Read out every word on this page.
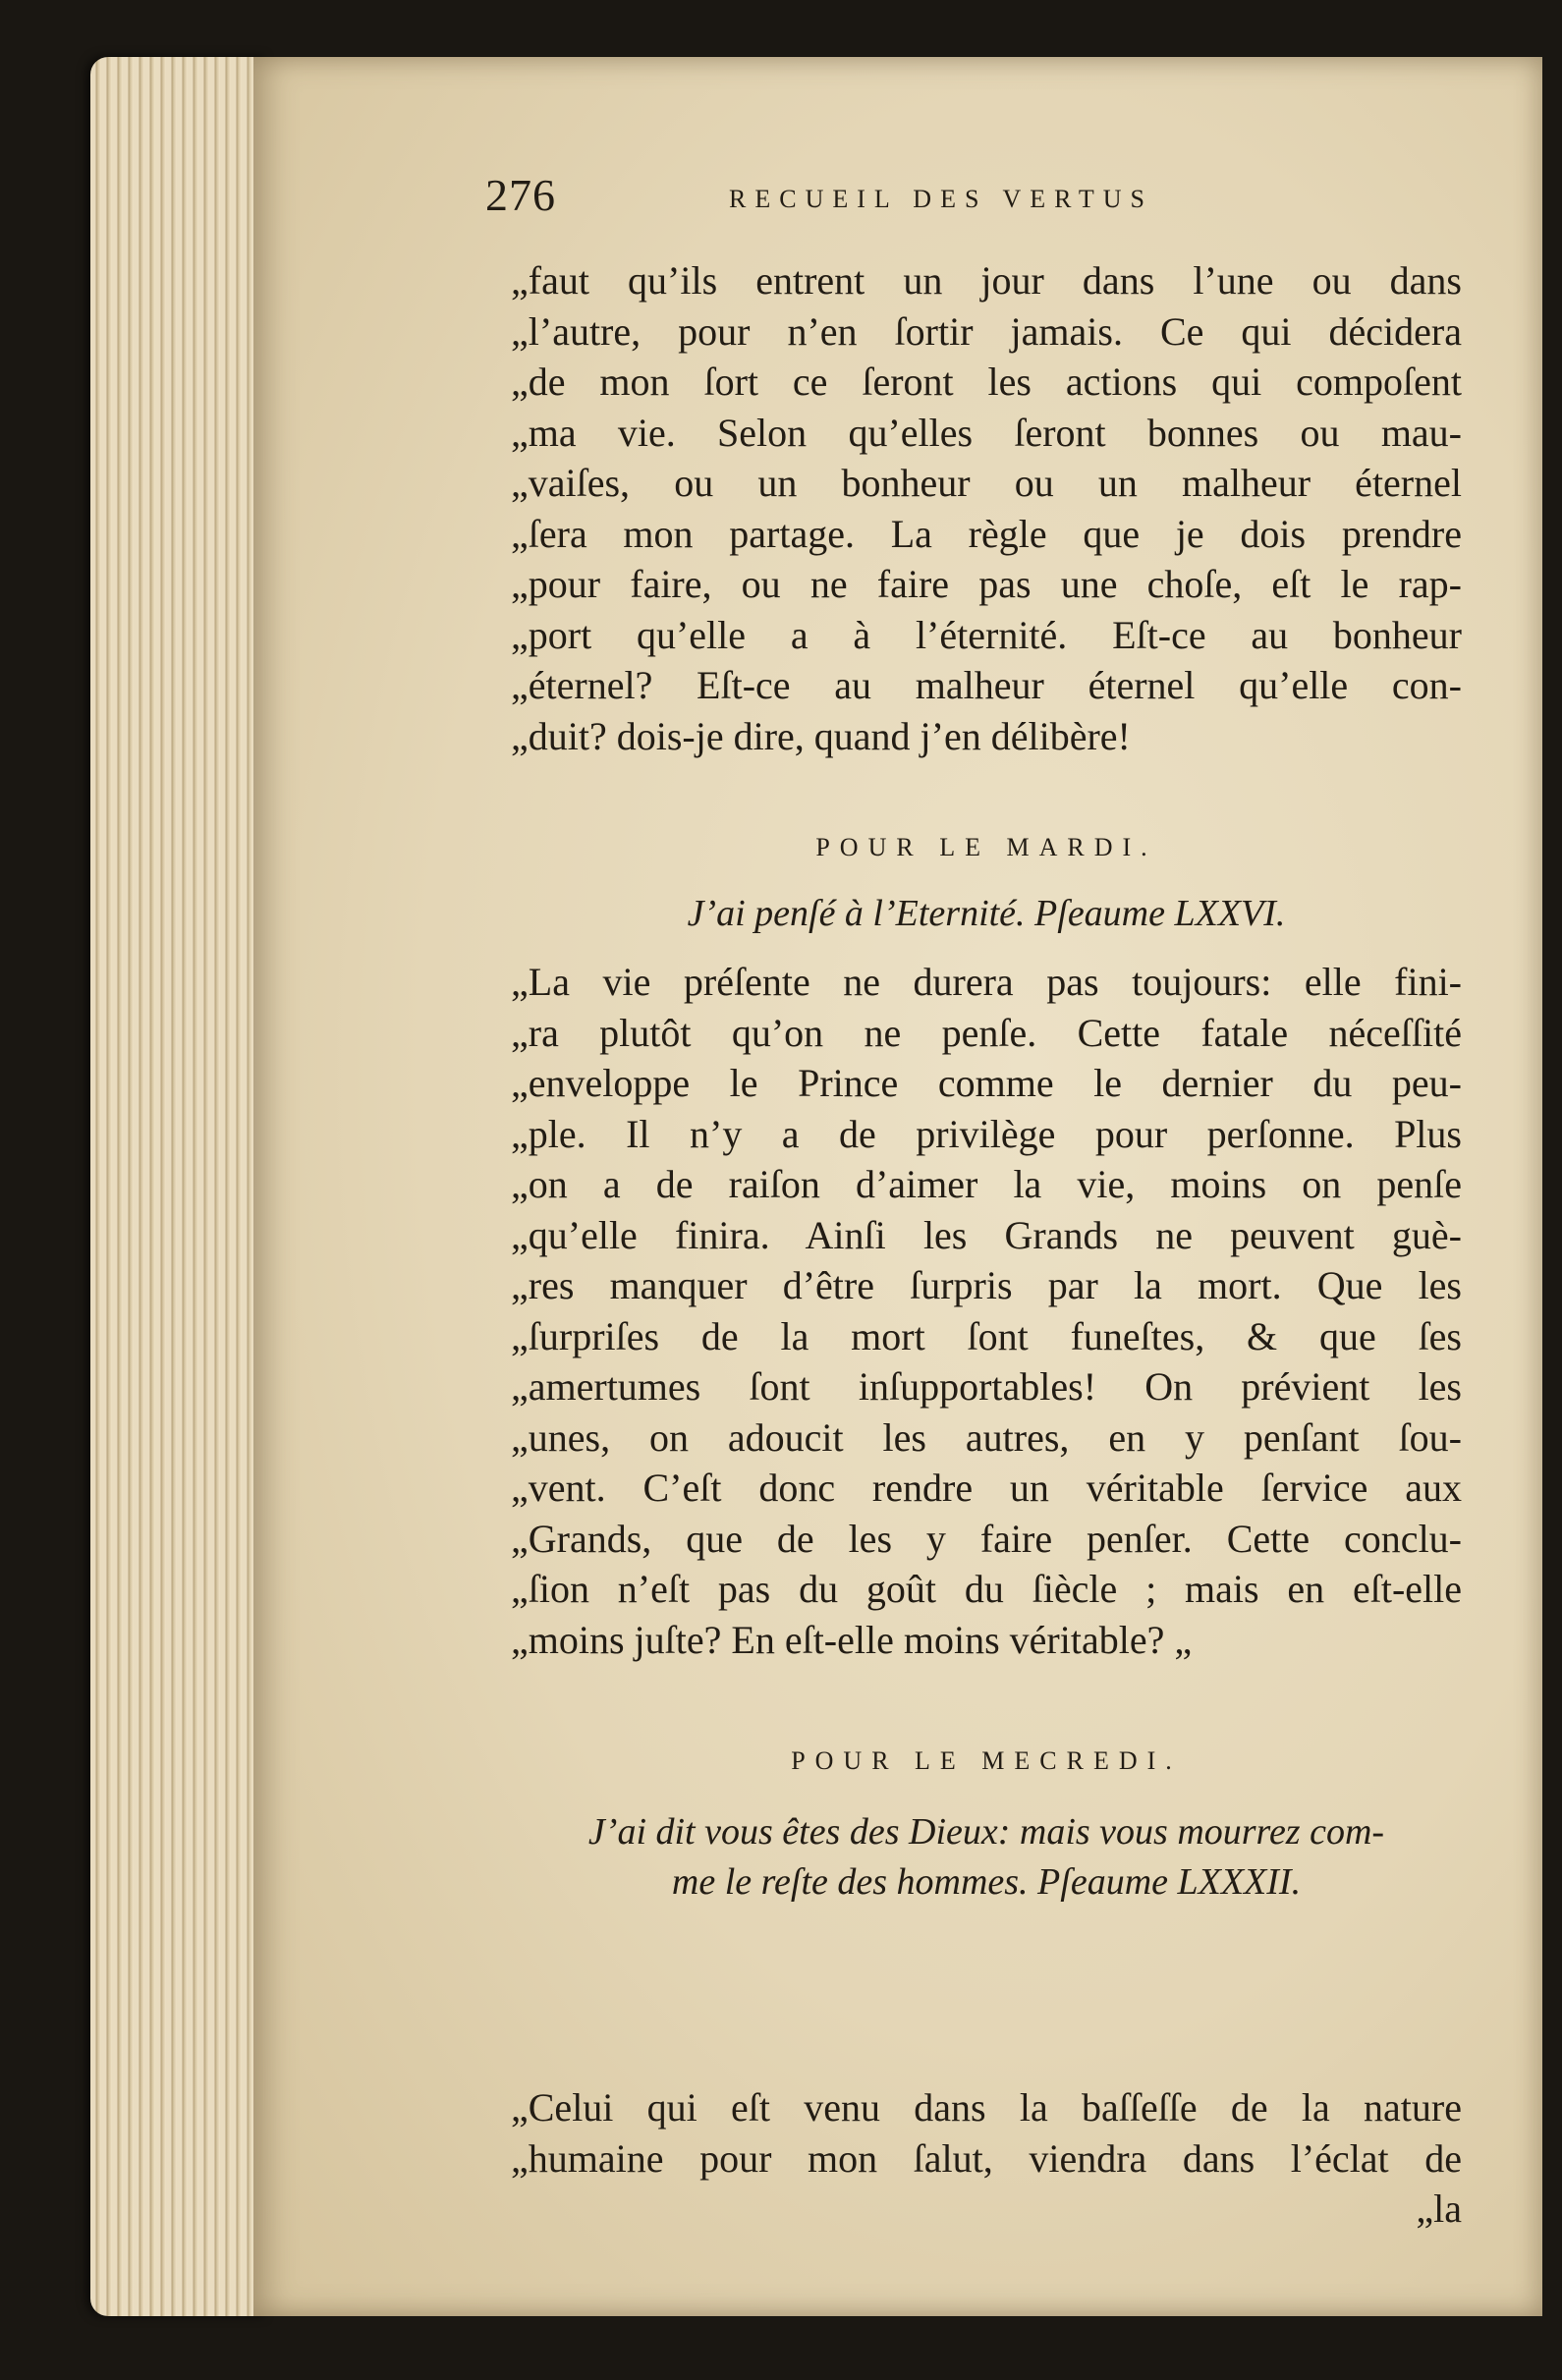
276	RECUEIL DES VERTUS
„faut qu’ils entrent un jour dans l’une ou dans
„l’autre, pour n’en ſortir jamais. Ce qui décidera
„de mon ſort ce ſeront les actions qui compoſent
„ma vie. Selon qu’elles ſeront bonnes ou mau-
„vaiſes, ou un bonheur ou un malheur éternel
„ſera mon partage. La règle que je dois prendre
„pour faire, ou ne faire pas une choſe, eſt le rap-
„port qu’elle a à l’éternité. Eſt-ce au bonheur
„éternel? Eſt-ce au malheur éternel qu’elle con-
„duit? dois-je dire, quand j’en délibère!
POUR LE MARDI.
J’ai penſé à l’Eternité. Pſeaume LXXVI.
„La vie préſente ne durera pas toujours: elle fini-
„ra plutôt qu’on ne penſe. Cette fatale néceſſité
„enveloppe le Prince comme le dernier du peu-
„ple. Il n’y a de privilège pour perſonne. Plus
„on a de raiſon d’aimer la vie, moins on penſe
„qu’elle finira. Ainſi les Grands ne peuvent guè-
„res manquer d’être ſurpris par la mort. Que les
„ſurpriſes de la mort ſont funeſtes, & que ſes
„amertumes ſont inſupportables! On prévient les
„unes, on adoucit les autres, en y penſant ſou-
„vent. C’eſt donc rendre un véritable ſervice aux
„Grands, que de les y faire penſer. Cette conclu-
„ſion n’eſt pas du goût du ſiècle ; mais en eſt-elle
„moins juſte? En eſt-elle moins véritable? „
POUR LE MECREDI.
J’ai dit vous êtes des Dieux: mais vous mourrez com-
me le reſte des hommes. Pſeaume LXXXII.
„Celui qui eſt venu dans la baſſeſſe de la nature
„humaine pour mon ſalut, viendra dans l’éclat de
„la
